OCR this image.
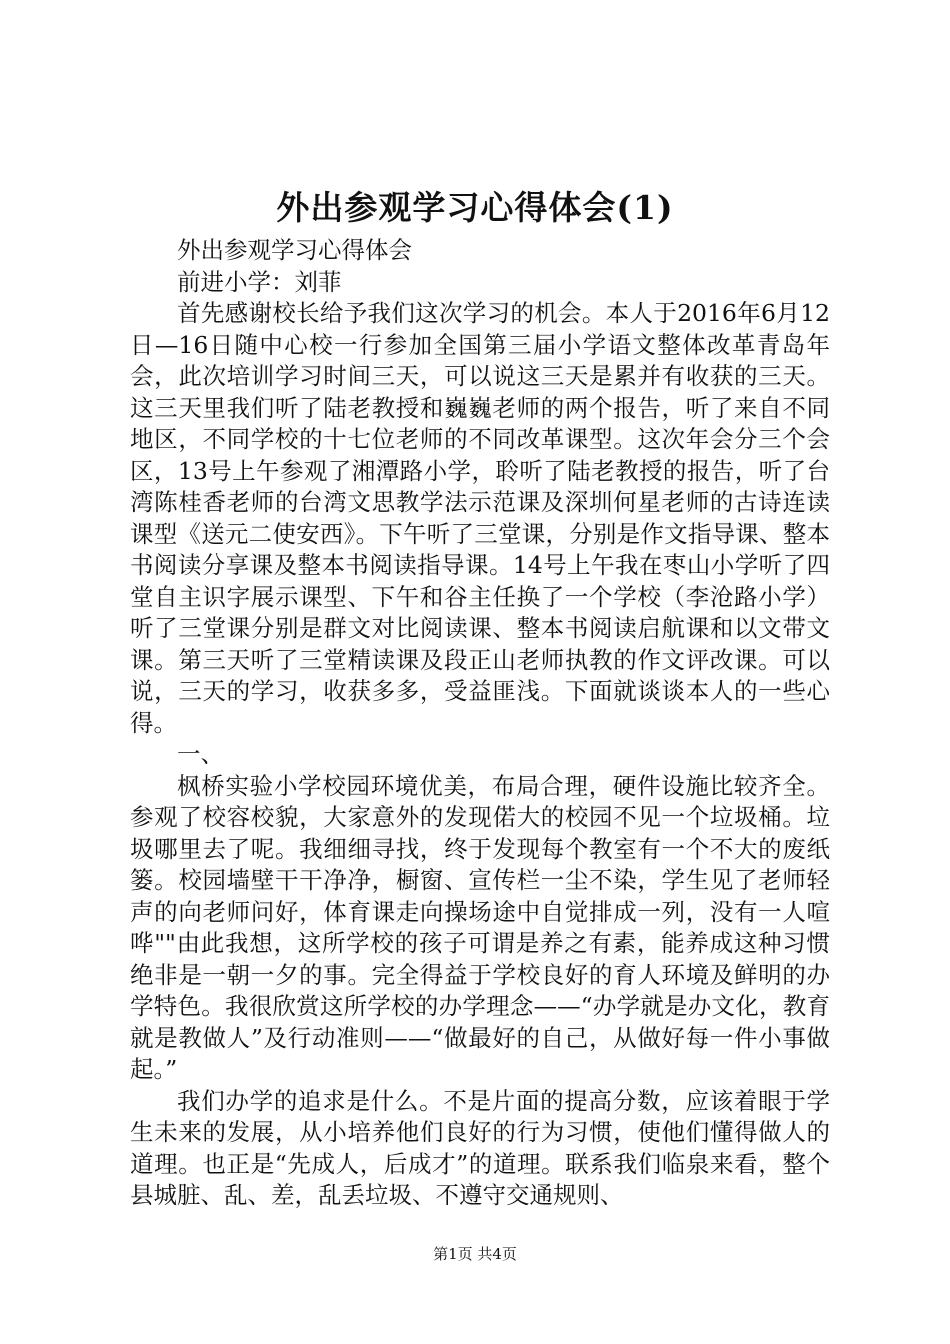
外出参观学习心得体会(1)

外出参观学习心得体会

前进小学：刘菲

首先感谢校长给予我们这次学习的机会。本人于2016年6月12日—16日随中心校一行参加全国第三届小学语文整体改革青岛年会，此次培训学习时间三天，可以说这三天是累并有收获的三天。这三天里我们听了陆老教授和巍巍老师的两个报告，听了来自不同地区，不同学校的十七位老师的不同改革课型。这次年会分三个会区，13号上午参观了湘潭路小学，聆听了陆老教授的报告，听了台湾陈桂香老师的台湾文思教学法示范课及深圳何星老师的古诗连读课型《送元二使安西》。下午听了三堂课，分别是作文指导课、整本书阅读分享课及整本书阅读指导课。14号上午我在枣山小学听了四堂自主识字展示课型、下午和谷主任换了一个学校（李沧路小学）听了三堂课分别是群文对比阅读课、整本书阅读启航课和以文带文课。第三天听了三堂精读课及段正山老师执教的作文评改课。可以说，三天的学习，收获多多，受益匪浅。下面就谈谈本人的一些心得。

一、

枫桥实验小学校园环境优美，布局合理，硬件设施比较齐全。参观了校容校貌，大家意外的发现偌大的校园不见一个垃圾桶。垃圾哪里去了呢。我细细寻找，终于发现每个教室有一个不大的废纸篓。校园墙壁干干净净，橱窗、宣传栏一尘不染，学生见了老师轻声的向老师问好，体育课走向操场途中自觉排成一列，没有一人喧哗""由此我想，这所学校的孩子可谓是养之有素，能养成这种习惯绝非是一朝一夕的事。完全得益于学校良好的育人环境及鲜明的办学特色。我很欣赏这所学校的办学理念——“办学就是办文化，教育就是教做人”及行动准则——“做最好的自己，从做好每一件小事做起。”

我们办学的追求是什么。不是片面的提高分数，应该着眼于学生未来的发展，从小培养他们良好的行为习惯，使他们懂得做人的道理。也正是“先成人，后成才”的道理。联系我们临泉来看，整个县城脏、乱、差，乱丢垃圾、不遵守交通规则、

第1页 共4页
